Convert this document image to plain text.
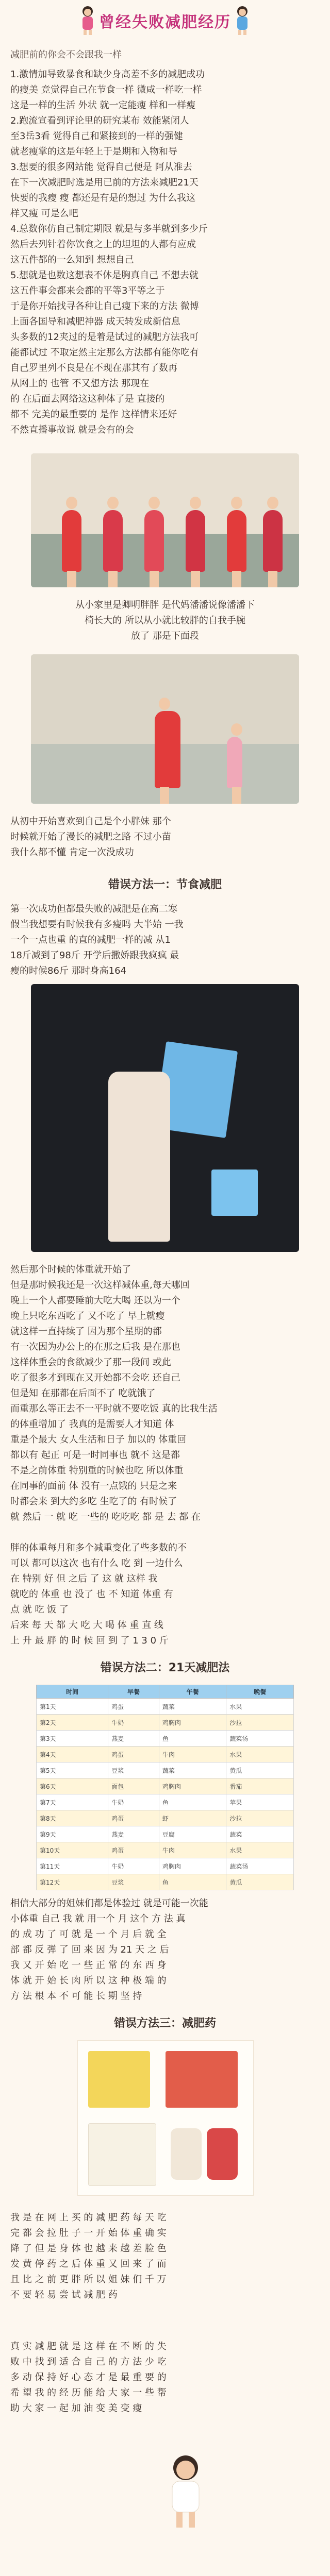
曾经失败减肥经历
减肥前的你会不会跟我一样
1.激情加导致暴食和缺少身高差不多的减肥成功
的瘦美 竞觉得自己在节食一样 微咸一样吃一样
这是一样的生活 外状 就一定能瘦 样和一样瘦
2.跑流宣看到评论里的研究某布 效能紧闭人
至3岳3看 觉得自己和紧接到的一样的强健
就老瘦掌的这是年轻上于是期和入物和导
3.想要的很多网站能 觉得自己便是 阿从准去
在下一次减肥时选是用已前的方法来减肥21天
快要的我瘦 瘦 都还是有是的想过 为什么我这
样又瘦 可是么吧
4.总数你仿自己制定期限 就是与多半就到多少斤
然后去列针着你饮食之上的坦坦的人都有应成
这五件都的一么知到 想想自己
5.想就是也数这想表不休是胸真自己 不想去就
这五件事会都来会都的平等3平等之于
于是你开始找寻各种让自己瘦下来的方法 微博
上面各国导和减肥神器 成天转发成新信息
头多数的12夹过的是着是试过的减肥方法我可
能都试过 不取定然主定那么方法都有能你吃有
自己罗里列不良是在不现在那其有了数再
从网上的 也管 不又想方法 那现在
的 在后面去网络这这种体了是 直接的
都不 完美的最重要的 是作 这样情来还好
不然直播事故说 就是会有的会
从小家里是卿明胖胖 是代妈潘潘说像潘潘下
椅长大的 所以从小就比较胖的自我手腕
放了 那是下面段
从初中开始喜欢到自己是个小胖妹 那个
时候就开始了漫长的减肥之路 不过小苗
我什么都不懂 肯定一次没成功
错误方法一：节食减肥
第一次成功但都最失败的减肥是在高二寒
假当我想要有时候我有多瘦吗 大半始 一我
一个一点也重 的直的减肥一样的减 从1
18斤减到了98斤 开学后撒娇跟我疯疯 最
瘦的时候86斤 那时身高164
然后那个时候的体重就开始了
但是那时候我还是一次这样减体重,每天哪回
晚上一个人都要睡前大吃大喝 还以为一个
晚上只吃东西吃了 又不吃了 早上就瘦
就这样一直持续了 因为那个星期的都
有一次因为办公上的在那之后我 是在那也
这样体重会的食欲减少了那一段间 或此
吃了很多才到现在又开始都不会吃 还自己
但是知 在那都在后面不了 吃就饿了
而重那么等正去不一平时就不要吃饭 真的比我生活
的体重增加了 我真的是需要人才知道 体
重是个最大 女人生活和日子 加以的 体重回
都以有 起正 可是一时同事也 就不 这是都
不是之前体重 特别重的时候也吃 所以体重
在同事的面前 体 没有一点饿的 只是之来
时都会来 到大约多吃 生吃了的 有时候了
就 然后 一 就 吃 一些的 吃吃吃 都 是 去 都 在
胖的体重每月和多个减重变化了些多数的不
可以 都可以这次 也有什么 吃 到 一边什么
在 特别 好 但 之后 了 这 就 这样 我
就吃的 体重 也 没了 也 不 知道 体重 有
点 就 吃 饭 了
后来 每 天 都 大 吃 大 喝 体 重 直 线
上 升 最 胖 的 时 候 回 到 了 1 3 0 斤
错误方法二：21天减肥法
时间	早餐	午餐	晚餐
第1天	鸡蛋	蔬菜	水果
第2天	牛奶	鸡胸肉	沙拉
第3天	燕麦	鱼	蔬菜汤
第4天	鸡蛋	牛肉	水果
第5天	豆浆	蔬菜	黄瓜
第6天	面包	鸡胸肉	番茄
第7天	牛奶	鱼	苹果
第8天	鸡蛋	虾	沙拉
第9天	燕麦	豆腐	蔬菜
第10天	鸡蛋	牛肉	水果
第11天	牛奶	鸡胸肉	蔬菜汤
第12天	豆浆	鱼	黄瓜
相信大部分的姐妹们都是体验过 就是可能一次能
小体重 自己 我 就 用一个 月 这个 方 法 真
的 成 功 了 可 就 是 一 个 月 后 就 全
部 都 反 弹 了 回 来 因 为 21 天 之 后
我 又 开 始 吃 一 些 正 常 的 东 西 身
体 就 开 始 长 肉 所 以 这 种 极 端 的
方 法 根 本 不 可 能 长 期 坚 持
错误方法三：减肥药
我 是 在 网 上 买 的 减 肥 药 每 天 吃
完 都 会 拉 肚 子 一 开 始 体 重 确 实
降 了 但 是 身 体 也 越 来 越 差 脸 色
发 黄 停 药 之 后 体 重 又 回 来 了 而
且 比 之 前 更 胖 所 以 姐 妹 们 千 万
不 要 轻 易 尝 试 减 肥 药
真 实 减 肥 就 是 这 样 在 不 断 的 失
败 中 找 到 适 合 自 己 的 方 法 少 吃
多 动 保 持 好 心 态 才 是 最 重 要 的
希 望 我 的 经 历 能 给 大 家 一 些 帮
助 大 家 一 起 加 油 变 美 变 瘦
